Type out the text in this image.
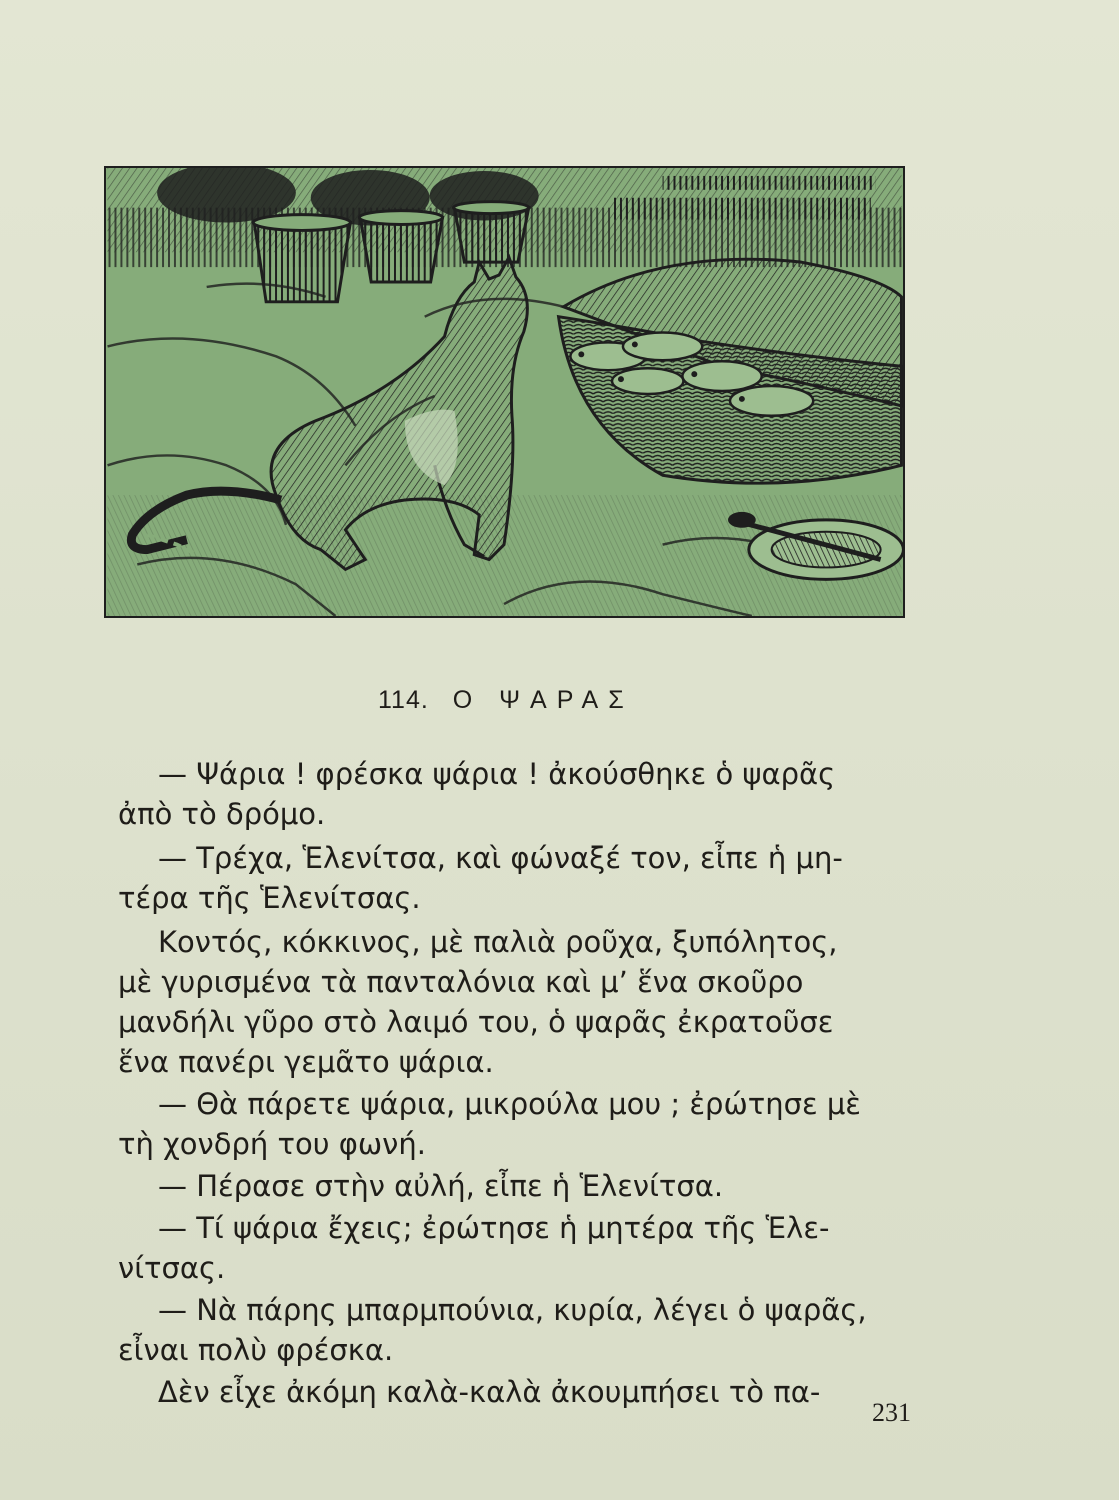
114. Ο ΨΑΡΑΣ
— Ψάρια ! φρέσκα ψάρια ! ἀκούσθηκε ὁ ψαρᾶς
ἀπὸ τὸ δρόμο.
— Τρέχα, Ἑλενίτσα, καὶ φώναξέ τον, εἶπε ἡ μη-
τέρα τῆς Ἑλενίτσας.
Κοντός, κόκκινος, μὲ παλιὰ ροῦχα, ξυπόλητος,
μὲ γυρισμένα τὰ πανταλόνια καὶ μ’ ἕνα σκοῦρο
μανδήλι γῦρο στὸ λαιμό του, ὁ ψαρᾶς ἐκρατοῦσε
ἕνα πανέρι γεμᾶτο ψάρια.
— Θὰ πάρετε ψάρια, μικρούλα μου ; ἐρώτησε μὲ
τὴ χονδρή του φωνή.
— Πέρασε στὴν αὐλή, εἶπε ἡ Ἑλενίτσα.
— Τί ψάρια ἔχεις; ἐρώτησε ἡ μητέρα τῆς Ἑλε-
νίτσας.
— Νὰ πάρης μπαρμπούνια, κυρία, λέγει ὁ ψαρᾶς,
εἶναι πολὺ φρέσκα.
Δὲν εἶχε ἀκόμη καλὰ-καλὰ ἀκουμπήσει τὸ πα-
231
